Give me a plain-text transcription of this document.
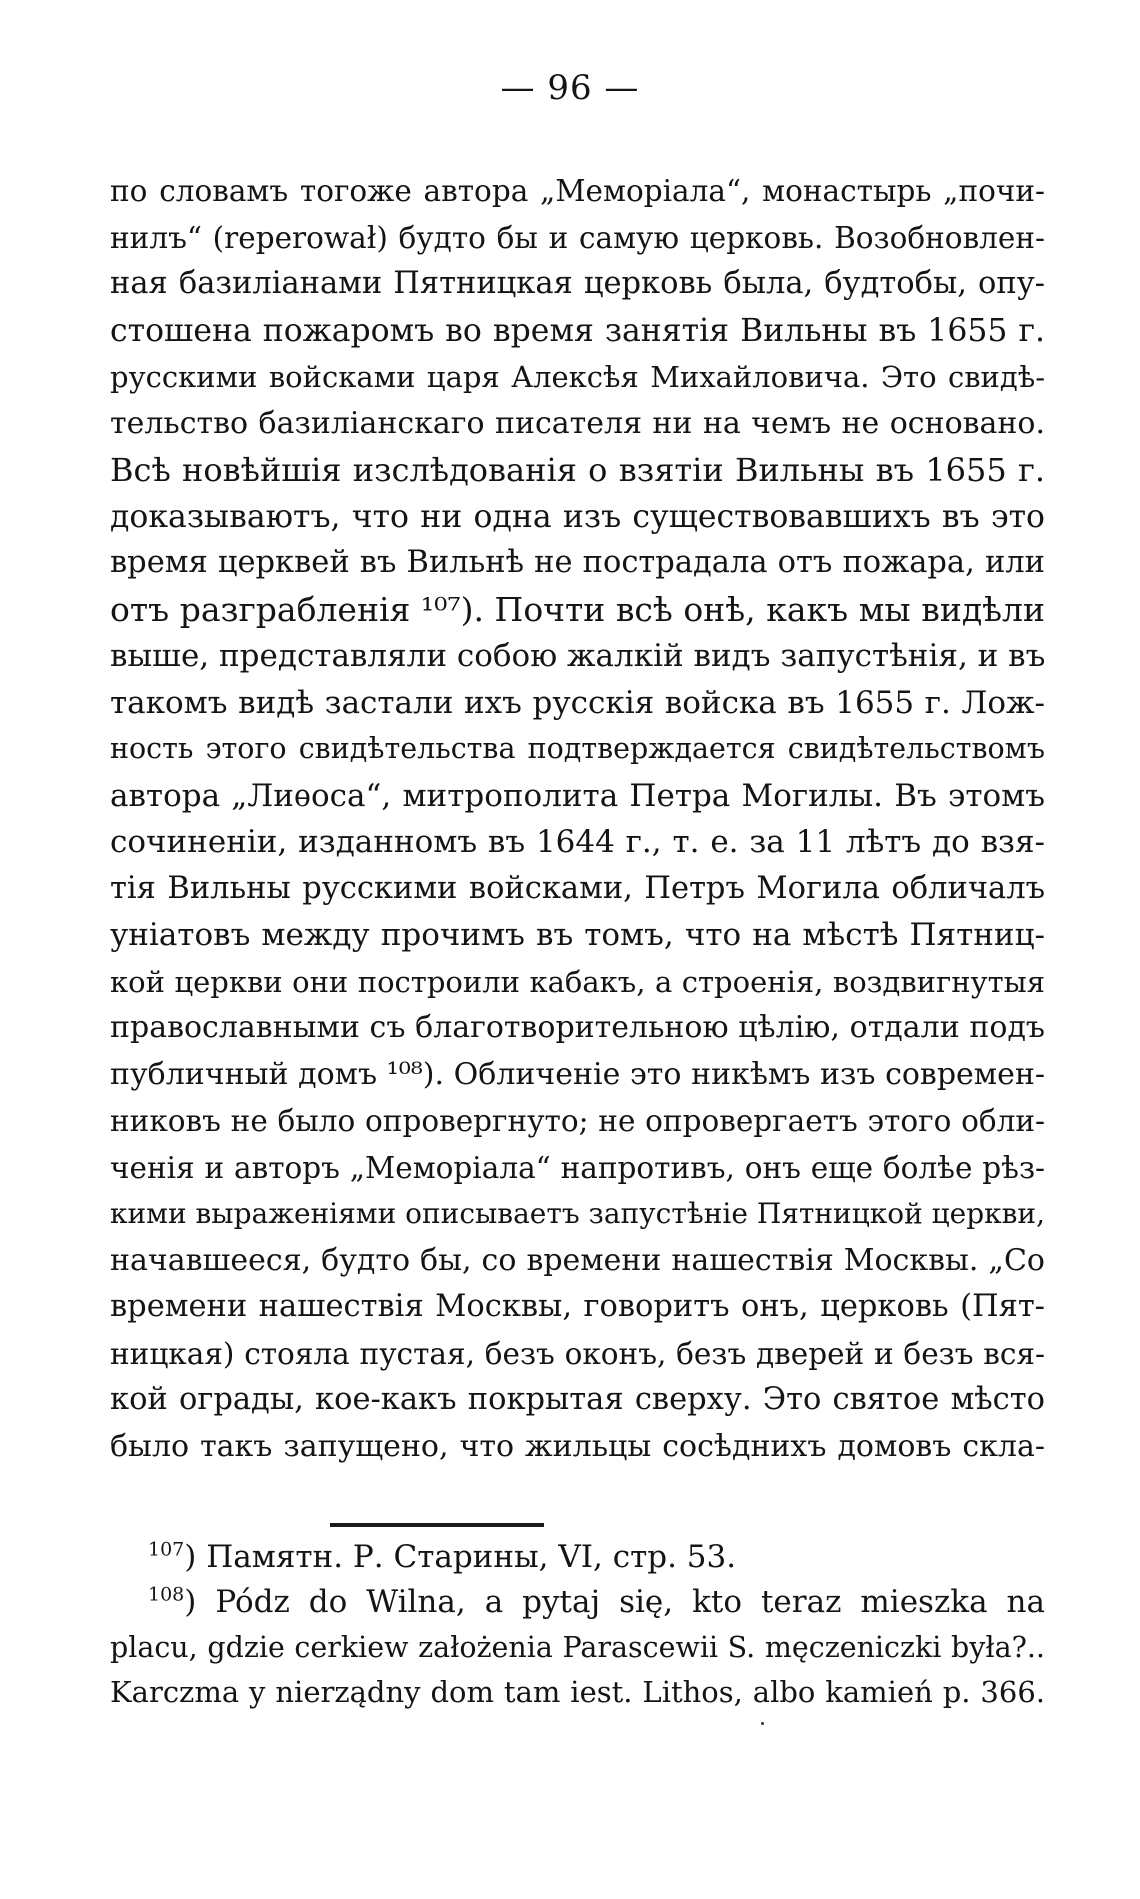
— 96 —
по словамъ тогоже автора „Меморіала“, монастырь „почи-
нилъ“ (reperował) будто бы и самую церковь. Возобновлен-
ная базиліанами Пятницкая церковь была, будтобы, опу-
стошена пожаромъ во время занятія Вильны въ 1655 г.
русскими войсками царя Алексѣя Михайловича. Это свидѣ-
тельство базиліанскаго писателя ни на чемъ не основано.
Всѣ новѣйшія изслѣдованія о взятіи Вильны въ 1655 г.
доказываютъ, что ни одна изъ существовавшихъ въ это
время церквей въ Вильнѣ не пострадала отъ пожара, или
отъ разграбленія ¹⁰⁷). Почти всѣ онѣ, какъ мы видѣли
выше, представляли собою жалкій видъ запустѣнія, и въ
такомъ видѣ застали ихъ русскія войска въ 1655 г. Лож-
ность этого свидѣтельства подтверждается свидѣтельствомъ
автора „Лиѳоса“, митрополита Петра Могилы. Въ этомъ
сочиненіи, изданномъ въ 1644 г., т. е. за 11 лѣтъ до взя-
тія Вильны русскими войсками, Петръ Могила обличалъ
уніатовъ между прочимъ въ томъ, что на мѣстѣ Пятниц-
кой церкви они построили кабакъ, а строенія, воздвигнутыя
православными съ благотворительною цѣлію, отдали подъ
публичный домъ ¹⁰⁸). Обличеніе это никѣмъ изъ современ-
никовъ не было опровергнуто; не опровергаетъ этого обли-
ченія и авторъ „Меморіала“ напротивъ, онъ еще болѣе рѣз-
кими выраженіями описываетъ запустѣніе Пятницкой церкви,
начавшееся, будто бы, со времени нашествія Москвы. „Со
времени нашествія Москвы, говоритъ онъ, церковь (Пят-
ницкая) стояла пустая, безъ оконъ, безъ дверей и безъ вся-
кой ограды, кое-какъ покрытая сверху. Это святое мѣсто
было такъ запущено, что жильцы сосѣднихъ домовъ скла-
$^{107}$) Памятн. Р. Старины, VI, стр. 53.
$^{108}$) Pódz do Wilna, a pytaj się, kto teraz mieszka na
placu, gdzie cerkiew założenia Parascewii S. męczeniczki była?..
Karczma y nierządny dom tam iest. Lithos, albo kamień p. 366.
